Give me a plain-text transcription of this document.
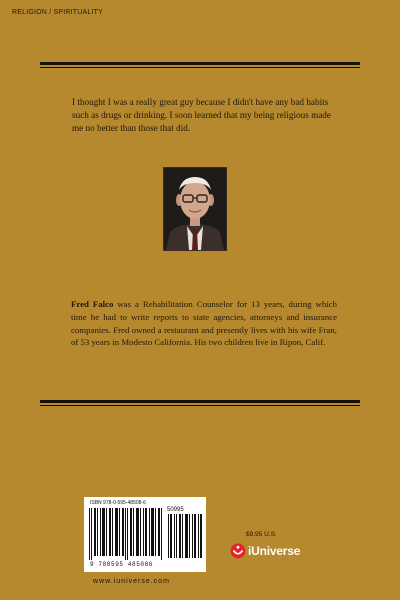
RELIGION / SPIRITUALITY

I thought I was a really great guy because I didn't have any bad habits such as drugs or drinking. I soon learned that my being religious made me no better than those that did.

Fred Falco was a Rehabilitation Counselor for 13 years, during which time he had to write reports to state agencies, attorneys and insurance companies. Fred owned a restaurant and presently lives with his wife Fran, of 53 years in Modesto California. His two children live in Ripon, Calif.

ISBN 978-0-595-48508-6
50995
9 780595 485086
www.iuniverse.com
$9.95 U.S.
iUniverse
